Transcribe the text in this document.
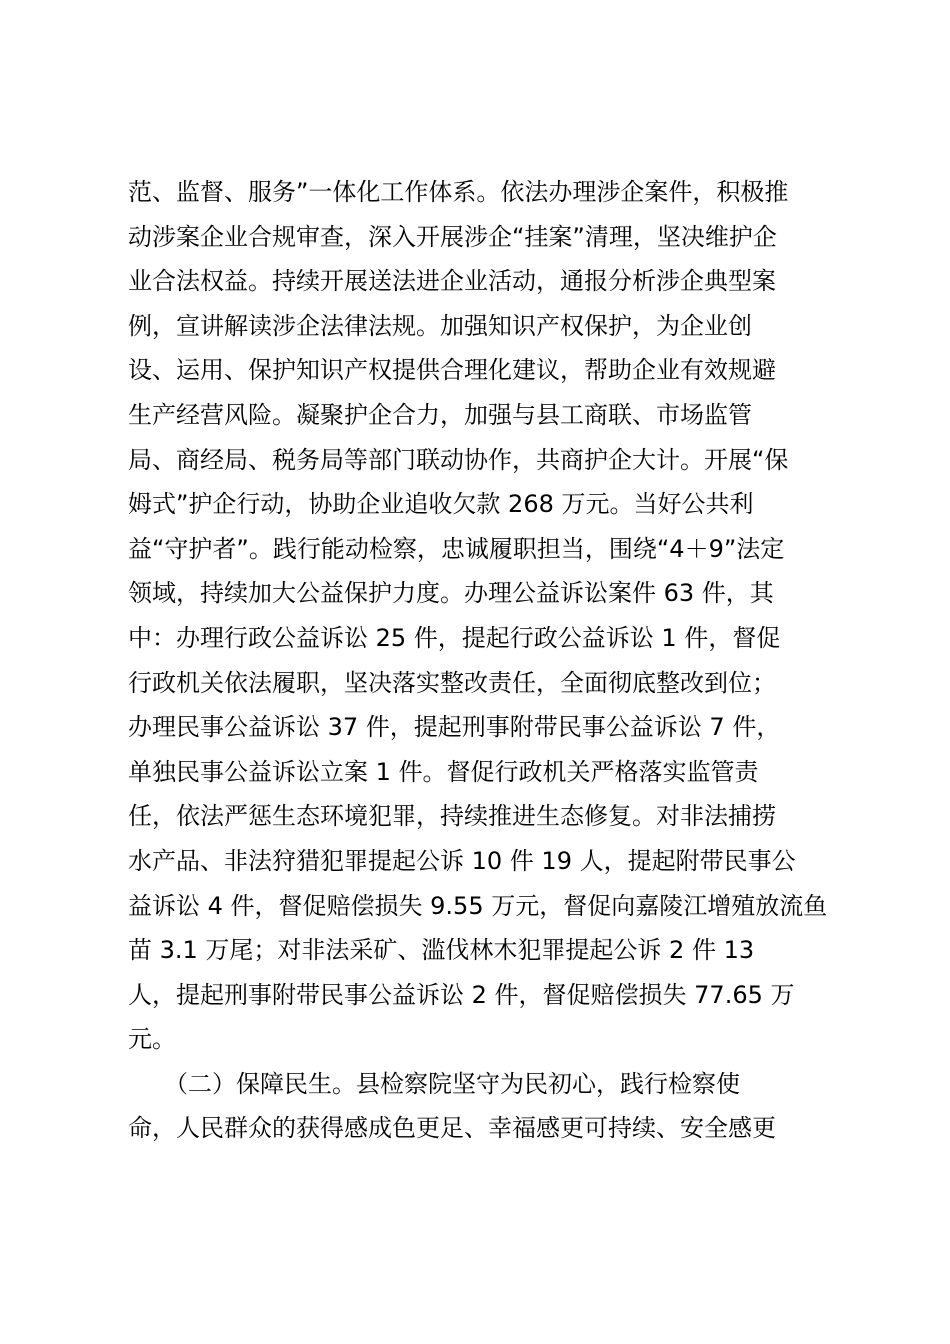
范、监督、服务”一体化工作体系。依法办理涉企案件，积极推
动涉案企业合规审查，深入开展涉企“挂案”清理，坚决维护企
业合法权益。持续开展送法进企业活动，通报分析涉企典型案
例，宣讲解读涉企法律法规。加强知识产权保护，为企业创
设、运用、保护知识产权提供合理化建议，帮助企业有效规避
生产经营风险。凝聚护企合力，加强与县工商联、市场监管
局、商经局、税务局等部门联动协作，共商护企大计。开展“保
姆式”护企行动，协助企业追收欠款 268 万元。当好公共利
益“守护者”。践行能动检察，忠诚履职担当，围绕“4＋9”法定
领域，持续加大公益保护力度。办理公益诉讼案件 63 件，其
中：办理行政公益诉讼 25 件，提起行政公益诉讼 1 件，督促
行政机关依法履职，坚决落实整改责任，全面彻底整改到位；
办理民事公益诉讼 37 件，提起刑事附带民事公益诉讼 7 件，
单独民事公益诉讼立案 1 件。督促行政机关严格落实监管责
任，依法严惩生态环境犯罪，持续推进生态修复。对非法捕捞
水产品、非法狩猎犯罪提起公诉 10 件 19 人，提起附带民事公
益诉讼 4 件，督促赔偿损失 9.55 万元，督促向嘉陵江增殖放流鱼
苗 3.1 万尾；对非法采矿、滥伐林木犯罪提起公诉 2 件 13
人，提起刑事附带民事公益诉讼 2 件，督促赔偿损失 77.65 万
元。
　　（二）保障民生。县检察院坚守为民初心，践行检察使
命，人民群众的获得感成色更足、幸福感更可持续、安全感更
